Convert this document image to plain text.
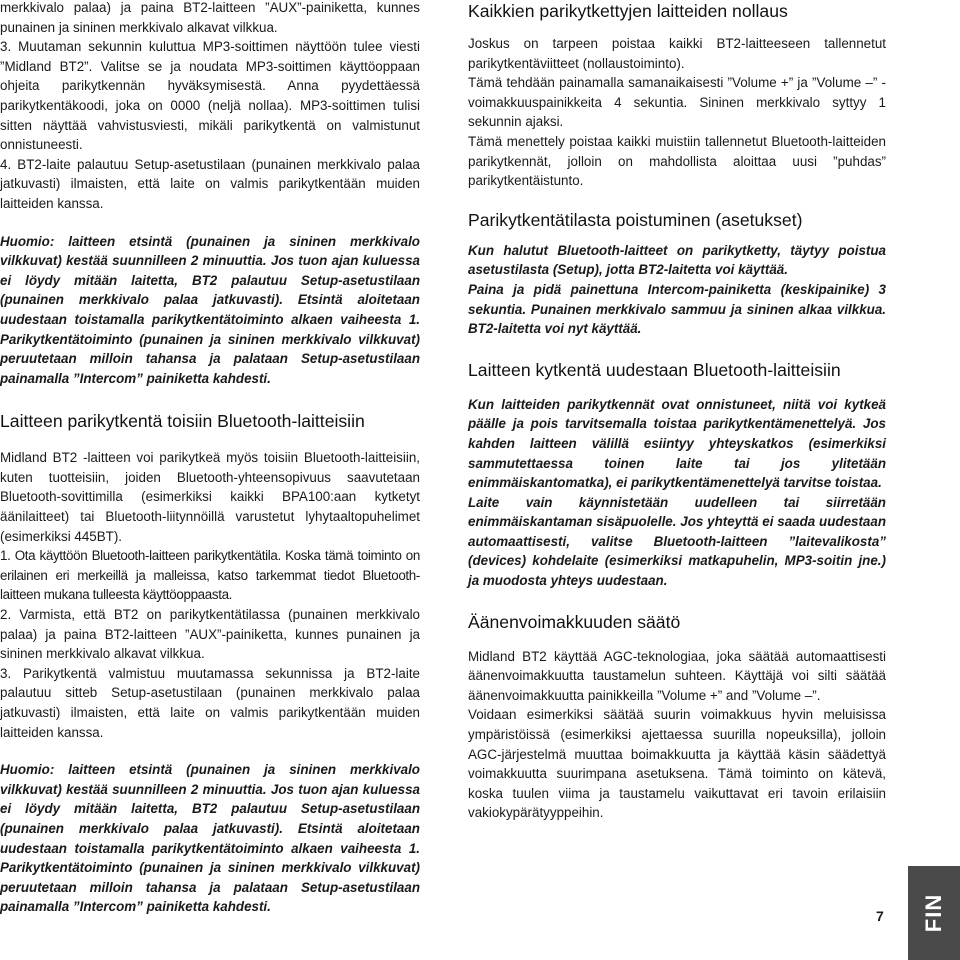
merkkivalo palaa) ja paina BT2-laitteen ”AUX”-painiketta, kunnes punainen ja sininen merkkivalo alkavat vilkkua.

3. Muutaman sekunnin kuluttua MP3-soittimen näyttöön tulee viesti ”Midland BT2”. Valitse se ja noudata MP3-soittimen käyttöoppaan ohjeita parikytkennän hyväksymisestä. Anna pyydettäessä parikytkentäkoodi, joka on 0000 (neljä nollaa). MP3-soittimen tulisi sitten näyttää vahvistusviesti, mikäli parikytkentä on valmistunut onnistuneesti.

4. BT2-laite palautuu Setup-asetustilaan (punainen merkkivalo palaa jatkuvasti) ilmaisten, että laite on valmis parikytkentään muiden laitteiden kanssa.

Huomio: laitteen etsintä (punainen ja sininen merkkivalo vilkkuvat) kestää suunnilleen 2 minuuttia. Jos tuon ajan kuluessa ei löydy mitään laitetta, BT2 palautuu Setup-asetustilaan (punainen merkkivalo palaa jatkuvasti). Etsintä aloitetaan uudestaan toistamalla parikytkentätoiminto alkaen vaiheesta 1. Parikytkentätoiminto (punainen ja sininen merkkivalo vilkkuvat) peruutetaan milloin tahansa ja palataan Setup-asetustilaan painamalla ”Intercom” painiketta kahdesti.

Laitteen parikytkentä toisiin Bluetooth-laitteisiin

Midland BT2 -laitteen voi parikytkeä myös toisiin Bluetooth-laitteisiin, kuten tuotteisiin, joiden Bluetooth-yhteensopivuus saavutetaan Bluetooth-sovittimilla (esimerkiksi kaikki BPA100:aan kytketyt äänilaitteet) tai Bluetooth-liitynnöillä varustetut lyhytaaltopuhelimet (esimerkiksi 445BT).

1. Ota käyttöön Bluetooth-laitteen parikytkentätila. Koska tämä toiminto on erilainen eri merkeillä ja malleissa, katso tarkemmat tiedot Bluetooth-laitteen mukana tulleesta käyttöoppaasta.

2. Varmista, että BT2 on parikytkentätilassa (punainen merkkivalo palaa) ja paina BT2-laitteen ”AUX”-painiketta, kunnes punainen ja sininen merkkivalo alkavat vilkkua.

3. Parikytkentä valmistuu muutamassa sekunnissa ja BT2-laite palautuu sitteb Setup-asetustilaan (punainen merkkivalo palaa jatkuvasti) ilmaisten, että laite on valmis parikytkentään muiden laitteiden kanssa.

Huomio: laitteen etsintä (punainen ja sininen merkkivalo vilkkuvat) kestää suunnilleen 2 minuuttia. Jos tuon ajan kuluessa ei löydy mitään laitetta, BT2 palautuu Setup-asetustilaan (punainen merkkivalo palaa jatkuvasti). Etsintä aloitetaan uudestaan toistamalla parikytkentätoiminto alkaen vaiheesta 1. Parikytkentätoiminto (punainen ja sininen merkkivalo vilkkuvat) peruutetaan milloin tahansa ja palataan Setup-asetustilaan painamalla ”Intercom” painiketta kahdesti.

Kaikkien parikytkettyjen laitteiden nollaus

Joskus on tarpeen poistaa kaikki BT2-laitteeseen tallennetut parikytkentäviitteet (nollaustoiminto).

Tämä tehdään painamalla samanaikaisesti ”Volume +” ja ”Volume –” -voimakkuuspainikkeita 4 sekuntia. Sininen merkkivalo syttyy 1 sekunnin ajaksi.

Tämä menettely poistaa kaikki muistiin tallennetut Bluetooth-laitteiden parikytkennät, jolloin on mahdollista aloittaa uusi ”puhdas” parikytkentäistunto.

Parikytkentätilasta poistuminen (asetukset)

Kun halutut Bluetooth-laitteet on parikytketty, täytyy poistua asetustilasta (Setup), jotta BT2-laitetta voi käyttää.

Paina ja pidä painettuna Intercom-painiketta (keskipainike) 3 sekuntia. Punainen merkkivalo sammuu ja sininen alkaa vilkkua. BT2-laitetta voi nyt käyttää.

Laitteen kytkentä uudestaan Bluetooth-laitteisiin

Kun laitteiden parikytkennät ovat onnistuneet, niitä voi kytkeä päälle ja pois tarvitsemalla toistaa parikytkentämenettelyä. Jos kahden laitteen välillä esiintyy yhteyskatkos (esimerkiksi sammutettaessa toinen laite tai jos ylitetään enimmäiskantomatka), ei parikytkentämenettelyä tarvitse toistaa.

Laite vain käynnistetään uudelleen tai siirretään enimmäiskantaman sisäpuolelle. Jos yhteyttä ei saada uudestaan automaattisesti, valitse Bluetooth-laitteen ”laitevalikosta” (devices) kohdelaite (esimerkiksi matkapuhelin, MP3-soitin jne.) ja muodosta yhteys uudestaan.

Äänenvoimakkuuden säätö

Midland BT2 käyttää AGC-teknologiaa, joka säätää automaattisesti äänenvoimakkuutta taustamelun suhteen. Käyttäjä voi silti säätää äänenvoimakkuutta painikkeilla ”Volume +” and ”Volume –”.

Voidaan esimerkiksi säätää suurin voimakkuus hyvin meluisissa ympäristöissä (esimerkiksi ajettaessa suurilla nopeuksilla), jolloin AGC-järjestelmä muuttaa boimakkuutta ja käyttää käsin säädettyä voimakkuutta suurimpana asetuksena. Tämä toiminto on kätevä, koska tuulen viima ja taustamelu vaikuttavat eri tavoin erilaisiin vakiokypärätyyppeihin.

7 FIN
